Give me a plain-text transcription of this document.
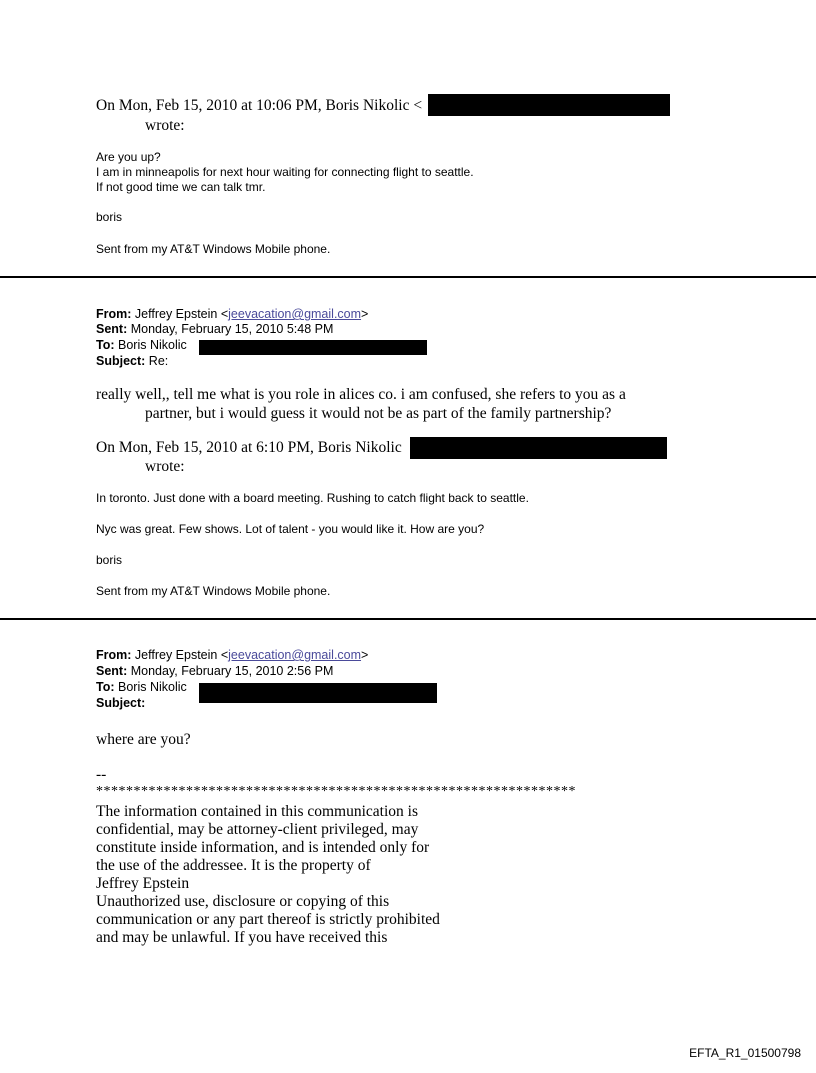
On Mon, Feb 15, 2010 at 10:06 PM, Boris Nikolic <
wrote:
Are you up?
I am in minneapolis for next hour waiting for connecting flight to seattle.
If not good time we can talk tmr.
boris
Sent from my AT&T Windows Mobile phone.
From: Jeffrey Epstein <jeevacation@gmail.com>
Sent: Monday, February 15, 2010 5:48 PM
To: Boris Nikolic
Subject: Re:
really well,, tell me what is you role in alices co. i am confused, she refers to you as a
partner, but i would guess it would not be as part of the family partnership?
On Mon, Feb 15, 2010 at 6:10 PM, Boris Nikolic
wrote:
In toronto. Just done with a board meeting. Rushing to catch flight back to seattle.
Nyc was great. Few shows. Lot of talent - you would like it. How are you?
boris
Sent from my AT&T Windows Mobile phone.
From: Jeffrey Epstein <jeevacation@gmail.com>
Sent: Monday, February 15, 2010 2:56 PM
To: Boris Nikolic
Subject:
where are you?
--
****************************************************************
The information contained in this communication is
confidential, may be attorney-client privileged, may
constitute inside information, and is intended only for
the use of the addressee. It is the property of
Jeffrey Epstein
Unauthorized use, disclosure or copying of this
communication or any part thereof is strictly prohibited
and may be unlawful. If you have received this
EFTA_R1_01500798
